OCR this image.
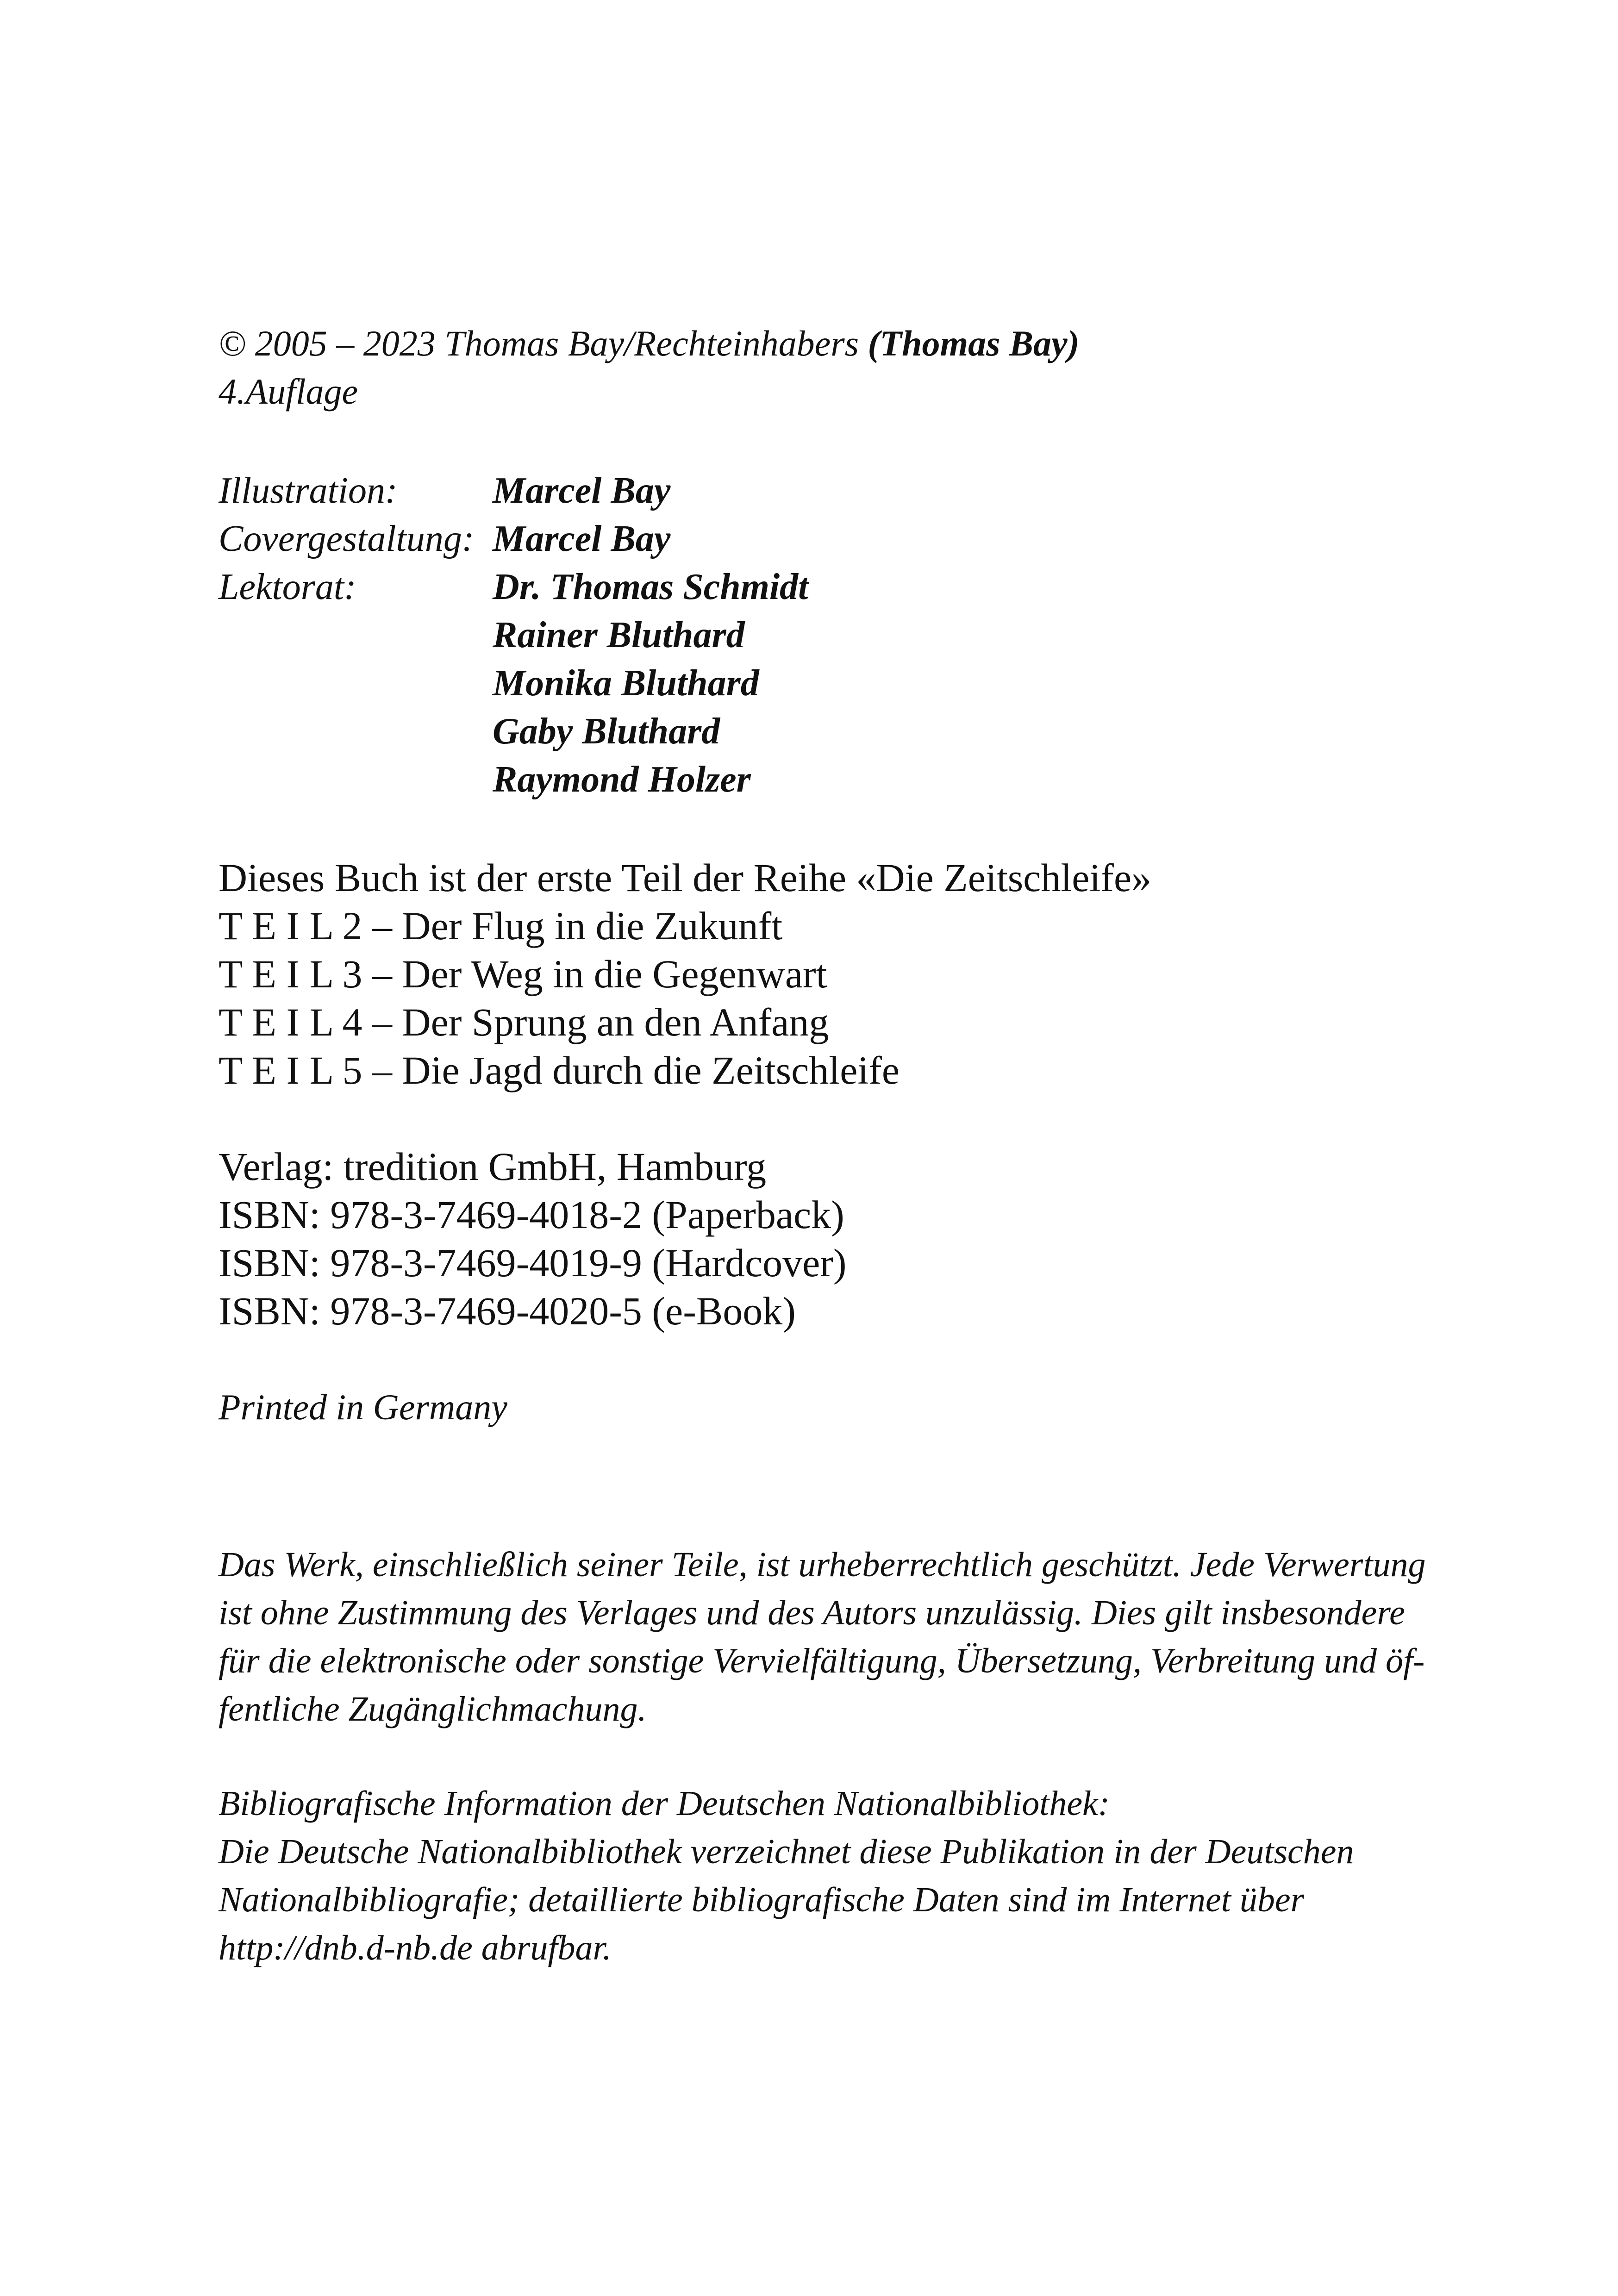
© 2005 – 2023 Thomas Bay/Rechteinhabers (Thomas Bay)
4.Auflage
Illustration:	Marcel Bay
Covergestaltung: Marcel Bay
Lektorat:	Dr. Thomas Schmidt
Rainer Bluthard
Monika Bluthard
Gaby Bluthard
Raymond Holzer
Dieses Buch ist der erste Teil der Reihe «Die Zeitschleife»
T E I L 2 – Der Flug in die Zukunft
T E I L 3 – Der Weg in die Gegenwart
T E I L 4 – Der Sprung an den Anfang
T E I L 5 – Die Jagd durch die Zeitschleife
Verlag: tredition GmbH, Hamburg
ISBN: 978-3-7469-4018-2 (Paperback)
ISBN: 978-3-7469-4019-9 (Hardcover)
ISBN: 978-3-7469-4020-5 (e-Book)
Printed in Germany
Das Werk, einschließlich seiner Teile, ist urheberrechtlich geschützt. Jede Verwertung
ist ohne Zustimmung des Verlages und des Autors unzulässig. Dies gilt insbesondere
für die elektronische oder sonstige Vervielfältigung, Übersetzung, Verbreitung und öf-
fentliche Zugänglichmachung.
Bibliografische Information der Deutschen Nationalbibliothek:
Die Deutsche Nationalbibliothek verzeichnet diese Publikation in der Deutschen
Nationalbibliografie; detaillierte bibliografische Daten sind im Internet über
http://dnb.d-nb.de abrufbar.
